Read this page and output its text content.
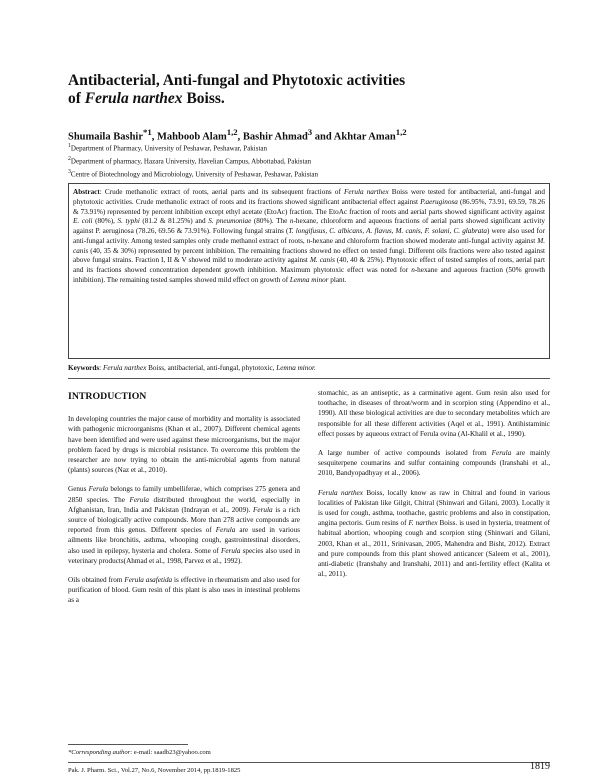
Antibacterial, Anti-fungal and Phytotoxic activities
of Ferula narthex Boiss.
Shumaila Bashir$^{*1}$, Mahboob Alam$^{1,2}$, Bashir Ahmad$^3$ and Akhtar Aman$^{1,2}$
$^1$Department of Pharmacy, University of Peshawar, Peshawar, Pakistan
$^2$Department of pharmacy, Hazara University, Havelian Campus, Abbottabad, Pakistan
$^3$Centre of Biotechnology and Microbiology, University of Peshawar, Peshawar, Pakistan
Abstract: Crude methanolic extract of roots, aerial parts and its subsequent fractions of Ferula narthex Boiss were tested for antibacterial, anti-fungal and phytotoxic activities. Crude methanolic extract of roots and its fractions showed significant antibacterial effect against P.aeruginosa (86.95%, 73.91, 69.59, 78.26 & 73.91%) represented by percent inhibition except ethyl acetate (EtoAc) fraction. The EtoAc fraction of roots and aerial parts showed significant activity against E. coli (80%), S. typhi (81.2 & 81.25%) and S. pneumoniae (80%). The n-hexane, chloroform and aqueous fractions of aerial parts showed significant activity against P. aeruginosa (78.26, 69.56 & 73.91%). Following fungal strains (T. longifusus, C. albicans, A. flavus, M. canis, F. solani, C. glabrata) were also used for anti-fungal activity. Among tested samples only crude methanol extract of roots, n-hexane and chloroform fraction showed moderate anti-fungal activity against M. canis (40, 35 & 30%) represented by percent inhibition. The remaining fractions showed no effect on tested fungi. Different oils fractions were also tested against above fungal strains. Fraction I, II & V showed mild to moderate activity against M. canis (40, 40 & 25%). Phytotoxic effect of tested samples of roots, aerial part and its fractions showed concentration dependent growth inhibition. Maximum phytotoxic effect was noted for n-hexane and aqueous fraction (50% growth inhibition). The remaining tested samples showed mild effect on growth of Lemna minor plant.
Keywords: Ferula narthex Boiss, antibacterial, anti-fungal, phytotoxic, Lemna minor.
INTRODUCTION

In developing countries the major cause of morbidity and mortality is associated with pathogenic microorganisms (Khan et al., 2007). Different chemical agents have been identified and were used against these microorganisms, but the major problem faced by drugs is microbial resistance. To overcome this problem the researcher are now trying to obtain the anti-microbial agents from natural (plants) sources (Naz et al., 2010).

Genus Ferula belongs to family umbelliferae, which comprises 275 genera and 2850 species. The Ferula distributed throughout the world, especially in Afghanistan, Iran, India and Pakistan (Indrayan et al., 2009). Ferula is a rich source of biologically active compounds. More than 278 active compounds are reported from this genus. Different species of Ferula are used in various ailments like bronchitis, asthma, whooping cough, gastrointestinal disorders, also used in epilepsy, hysteria and cholera. Some of Ferula species also used in veterinary products(Ahmad et al., 1998, Parvez et al., 1992).

Oils obtained from Ferula asafetida is effective in rheumatism and also used for purification of blood. Gum resin of this plant is also uses in intestinal problems as a

stomachic, as an antiseptic, as a carminative agent. Gum resin also used for toothache, in diseases of throat/worm and in scorpion sting (Appendino et al., 1990). All these biological activities are due to secondary metabolites which are responsible for all these different activities (Aqel et al., 1991). Antihistaminic effect posses by aqueous extract of Ferula ovina (Al-Khalil et al., 1990).

A large number of active compounds isolated from Ferula are mainly sesquiterpene coumarins and sulfur containing compounds (Iranshahi et al., 2010, Bandyopadhyay et al., 2006).

Ferula narthex Boiss, locally know as raw in Chitral and found in various localities of Pakistan like Gilgit, Chitral (Shinwari and Gilani, 2003). Locally it is used for cough, asthma, toothache, gastric problems and also in constipation, angina pectoris. Gum resins of F. narthex Boiss. is used in hysteria, treatment of habitual abortion, whooping cough and scorpion sting (Shinwari and Gilani, 2003, Khan et al., 2011, Srinivasan, 2005, Mahendra and Bisht, 2012). Extract and pure compounds from this plant showed anticancer (Saleem et al., 2001), anti-diabetic (Iranshahy and Iranshahi, 2011) and anti-fertility effect (Kalita et al., 2011).

*Corresponding author: e-mail: saadb23@yahoo.com
Pak. J. Pharm. Sci., Vol.27, No.6, November 2014, pp.1819-1825	1819
